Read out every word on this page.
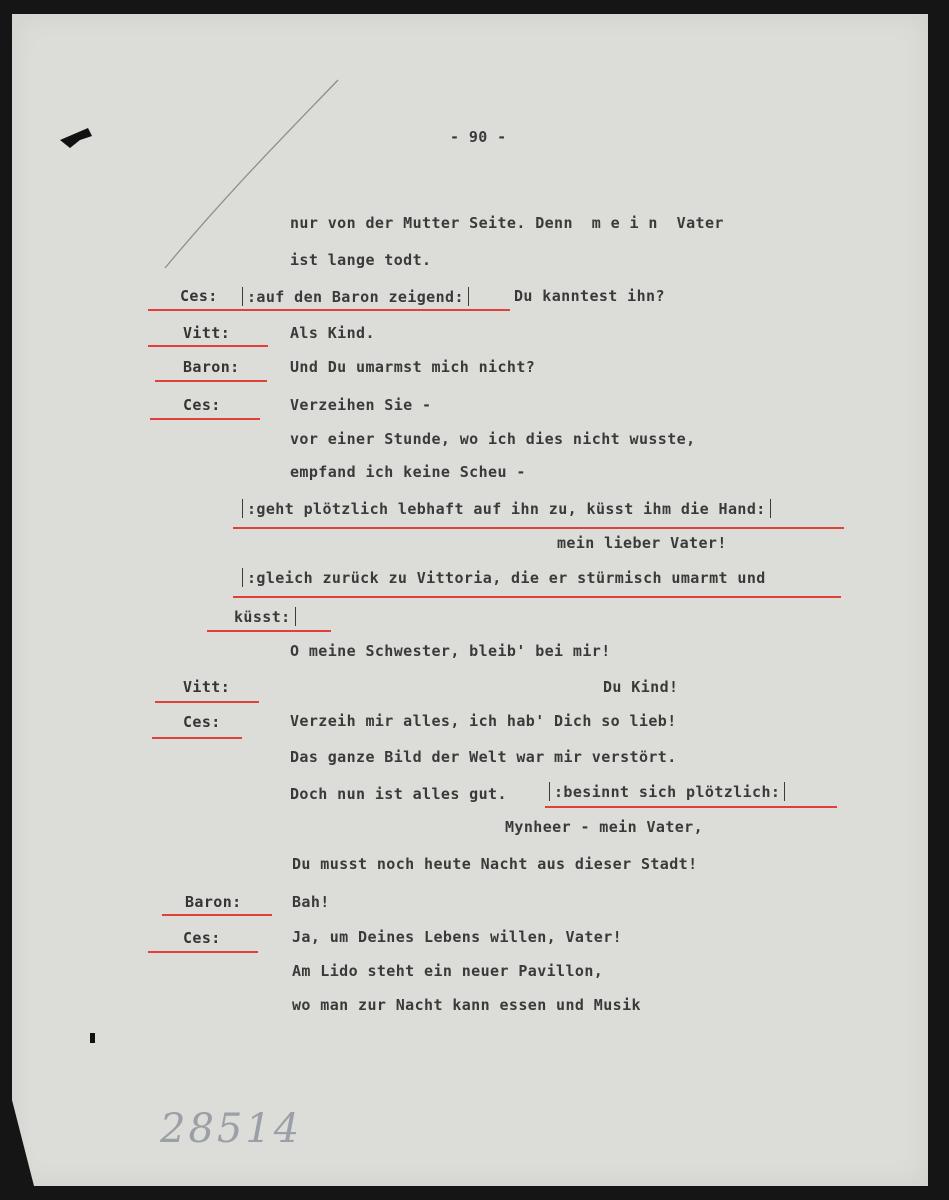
- 90 -
nur von der Mutter Seite. Denn  m e i n  Vater
ist lange todt.
Ces:	:auf den Baron zeigend:	Du kanntest ihn?
Vitt:	Als Kind.
Baron:	Und Du umarmst mich nicht?
Ces:	Verzeihen Sie -
vor einer Stunde, wo ich dies nicht wusste,
empfand ich keine Scheu -
:geht plötzlich lebhaft auf ihn zu, küsst ihm die Hand:
mein lieber Vater!
:gleich zurück zu Vittoria, die er stürmisch umarmt und
küsst:
O meine Schwester, bleib' bei mir!
Vitt:	Du Kind!
Ces:	Verzeih mir alles, ich hab' Dich so lieb!
Das ganze Bild der Welt war mir verstört.
Doch nun ist alles gut.	:besinnt sich plötzlich:
Mynheer - mein Vater,
Du musst noch heute Nacht aus dieser Stadt!
Baron:	Bah!
Ces:	Ja, um Deines Lebens willen, Vater!
Am Lido steht ein neuer Pavillon,
wo man zur Nacht kann essen und Musik
28514
